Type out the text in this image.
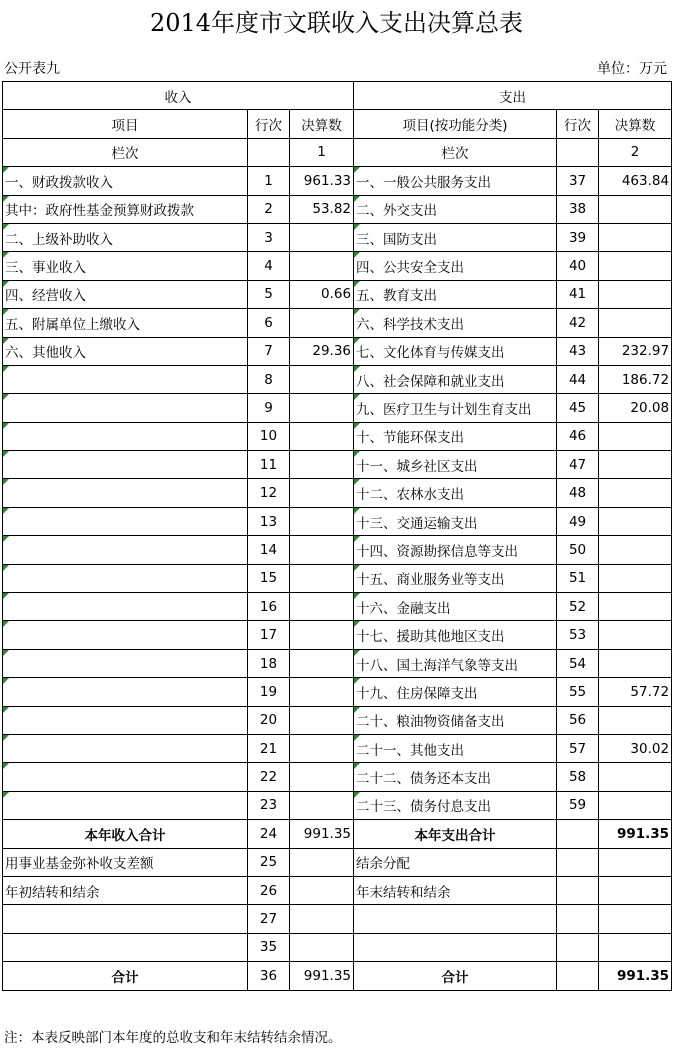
2014年度市文联收入支出决算总表
公开表九	单位：万元
收入			支出		
项目	行次	决算数	项目(按功能分类)	行次	决算数
栏次		1	栏次		2
一、财政拨款收入	1	961.33	一、一般公共服务支出	37	463.84
其中：政府性基金预算财政拨款	2	53.82	二、外交支出	38	
二、上级补助收入	3		三、国防支出	39	
三、事业收入	4		四、公共安全支出	40	
四、经营收入	5	0.66	五、教育支出	41	
五、附属单位上缴收入	6		六、科学技术支出	42	
六、其他收入	7	29.36	七、文化体育与传媒支出	43	232.97
	8		八、社会保障和就业支出	44	186.72
	9		九、医疗卫生与计划生育支出	45	20.08
	10		十、节能环保支出	46	
	11		十一、城乡社区支出	47	
	12		十二、农林水支出	48	
	13		十三、交通运输支出	49	
	14		十四、资源勘探信息等支出	50	
	15		十五、商业服务业等支出	51	
	16		十六、金融支出	52	
	17		十七、援助其他地区支出	53	
	18		十八、国土海洋气象等支出	54	
	19		十九、住房保障支出	55	57.72
	20		二十、粮油物资储备支出	56	
	21		二十一、其他支出	57	30.02
	22		二十二、债务还本支出	58	
	23		二十三、债务付息支出	59	
本年收入合计	24	991.35	本年支出合计		991.35
用事业基金弥补收支差额	25		结余分配		
年初结转和结余	26		年末结转和结余		
	27				
	35				
合计	36	991.35	合计		991.35
注：本表反映部门本年度的总收支和年末结转结余情况。
